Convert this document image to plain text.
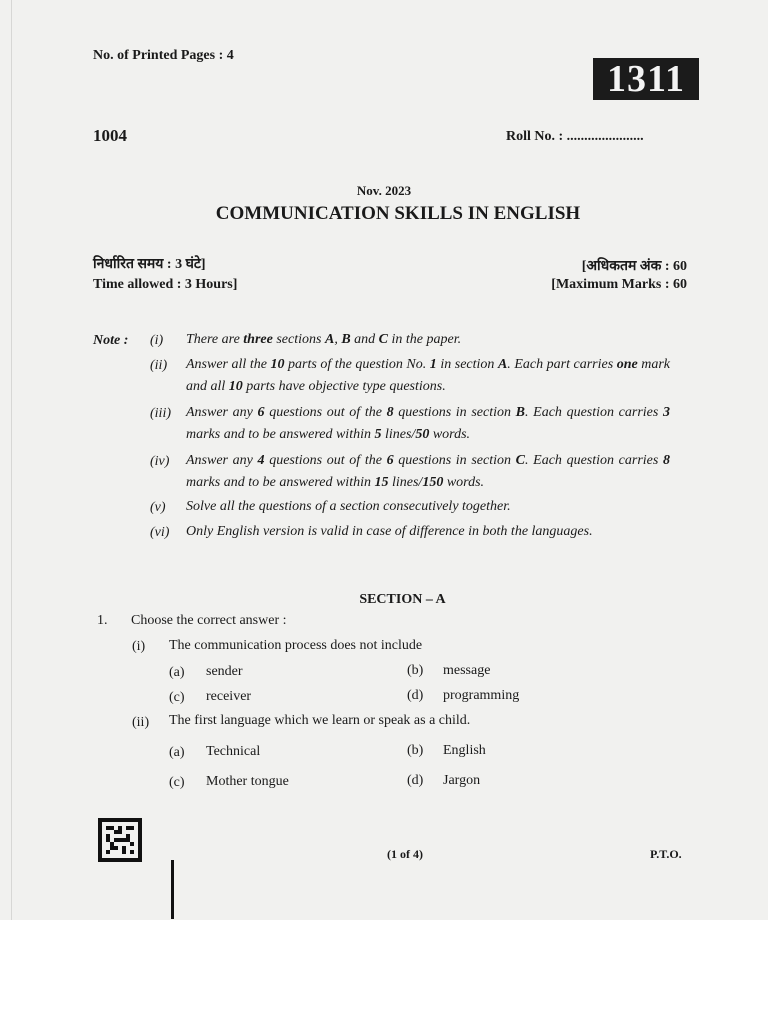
No. of Printed Pages : 4
1311
1004	Roll No. : ......................
Nov. 2023
COMMUNICATION SKILLS IN ENGLISH
निर्धारित समय : 3 घंटे]
Time allowed : 3 Hours]
[अधिकतम अंक : 60
[Maximum Marks : 60
Note : (i) There are three sections A, B and C in the paper.
(ii) Answer all the 10 parts of the question No. 1 in section A. Each part carries one mark and all 10 parts have objective type questions.
(iii) Answer any 6 questions out of the 8 questions in section B. Each question carries 3 marks and to be answered within 5 lines/50 words.
(iv) Answer any 4 questions out of the 6 questions in section C. Each question carries 8 marks and to be answered within 15 lines/150 words.
(v) Solve all the questions of a section consecutively together.
(vi) Only English version is valid in case of difference in both the languages.
SECTION – A
1. Choose the correct answer :
(i) The communication process does not include
(a) sender	(b) message
(c) receiver	(d) programming
(ii) The first language which we learn or speak as a child.
(a) Technical	(b) English
(c) Mother tongue	(d) Jargon
(1 of 4)	P.T.O.
